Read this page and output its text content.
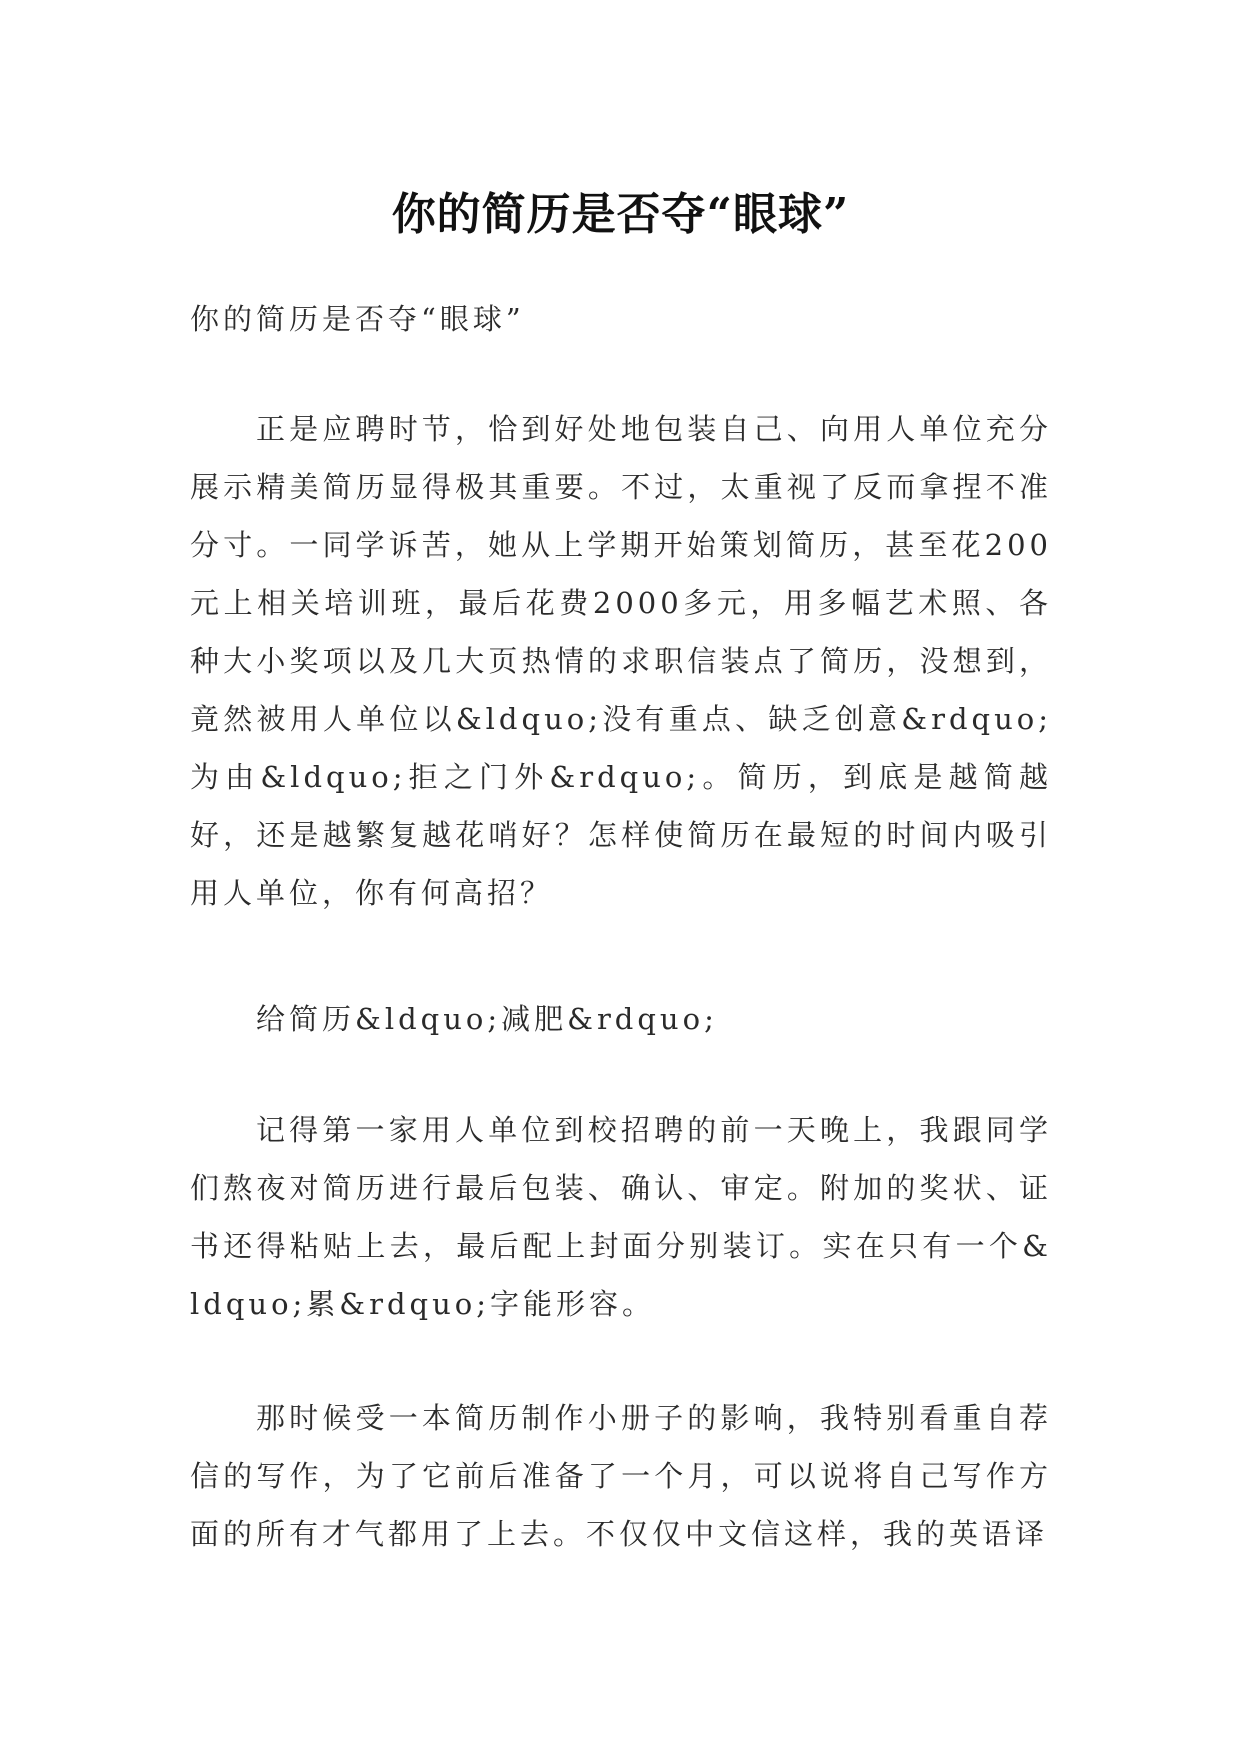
你的简历是否夺“眼球”

你的简历是否夺“眼球”

正是应聘时节，恰到好处地包装自己、向用人单位充分展示精美简历显得极其重要。不过，太重视了反而拿捏不准分寸。一同学诉苦，她从上学期开始策划简历，甚至花200元上相关培训班，最后花费2000多元，用多幅艺术照、各种大小奖项以及几大页热情的求职信装点了简历，没想到，竟然被用人单位以&ldquo;没有重点、缺乏创意&rdquo;为由&ldquo;拒之门外&rdquo;。简历，到底是越简越好，还是越繁复越花哨好？怎样使简历在最短的时间内吸引用人单位，你有何高招？

给简历&ldquo;减肥&rdquo;

记得第一家用人单位到校招聘的前一天晚上，我跟同学们熬夜对简历进行最后包装、确认、审定。附加的奖状、证书还得粘贴上去，最后配上封面分别装订。实在只有一个&ldquo;累&rdquo;字能形容。

那时候受一本简历制作小册子的影响，我特别看重自荐信的写作，为了它前后准备了一个月，可以说将自己写作方面的所有才气都用了上去。不仅仅中文信这样，我的英语译
